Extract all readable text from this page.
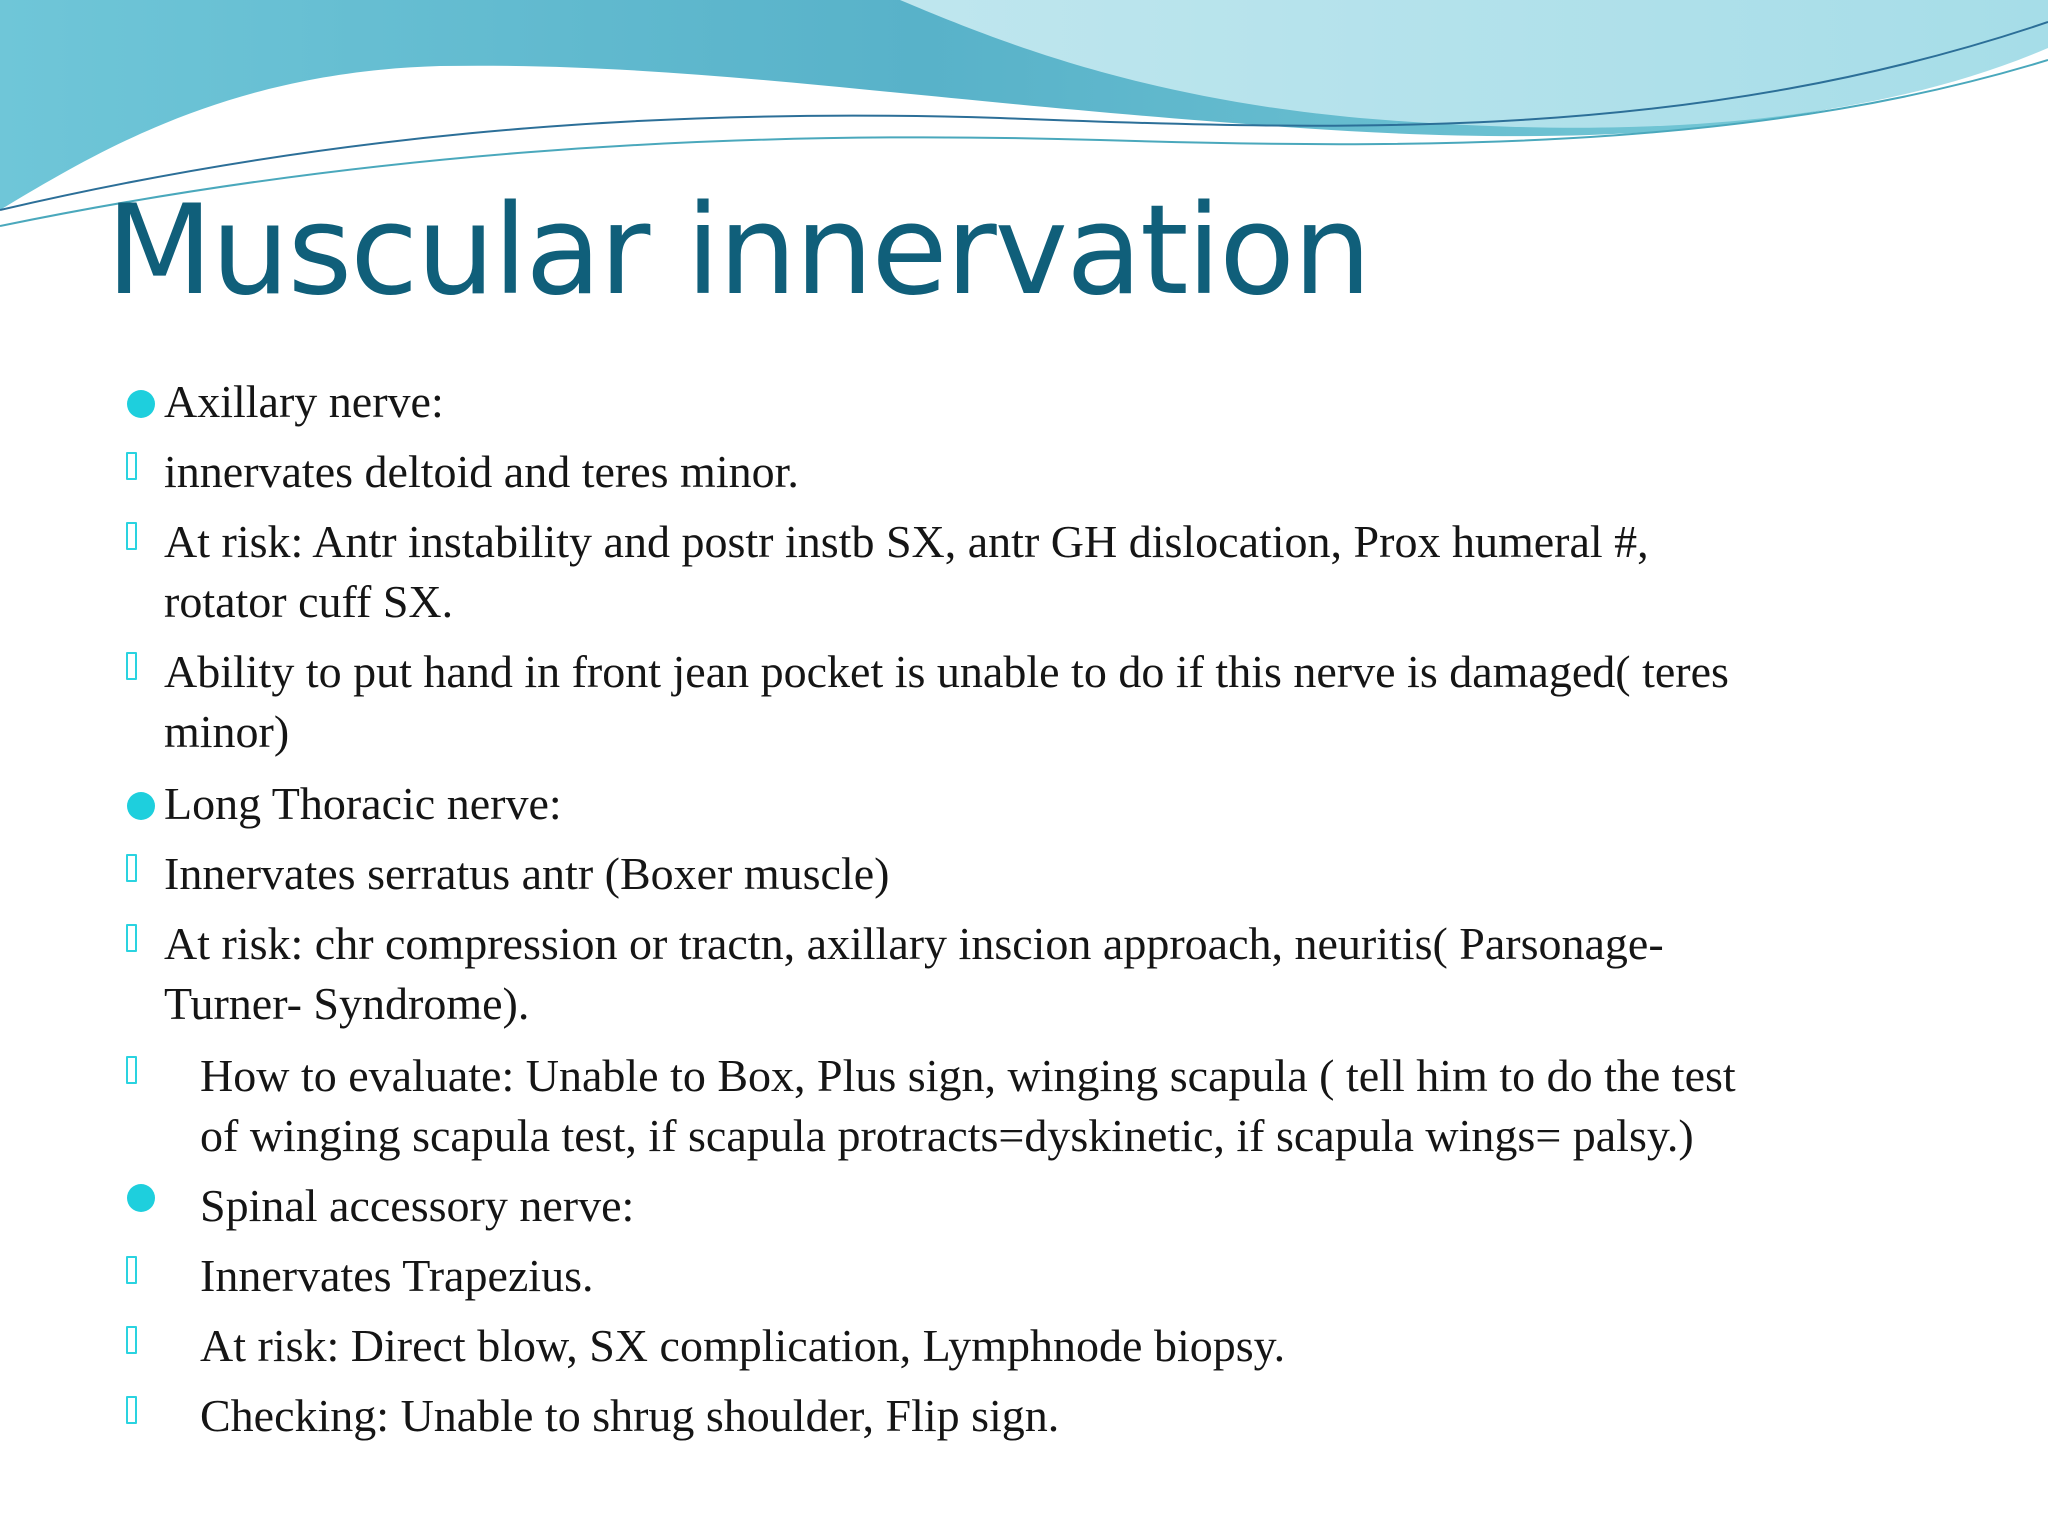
Muscular innervation
Axillary nerve:
innervates deltoid and teres minor.
At risk: Antr instability and postr instb SX, antr GH dislocation, Prox humeral #,
rotator cuff SX.
Ability to put hand in front jean pocket is unable to do if this nerve is damaged( teres
minor)
Long Thoracic nerve:
Innervates serratus antr (Boxer muscle)
At risk: chr compression or tractn, axillary inscion approach, neuritis( Parsonage-
Turner- Syndrome).
How to evaluate: Unable to Box, Plus sign, winging scapula ( tell him to do the test
of winging scapula test, if scapula protracts=dyskinetic, if scapula wings= palsy.)
Spinal accessory nerve:
Innervates Trapezius.
At risk: Direct blow, SX complication, Lymphnode biopsy.
Checking: Unable to shrug shoulder, Flip sign.
